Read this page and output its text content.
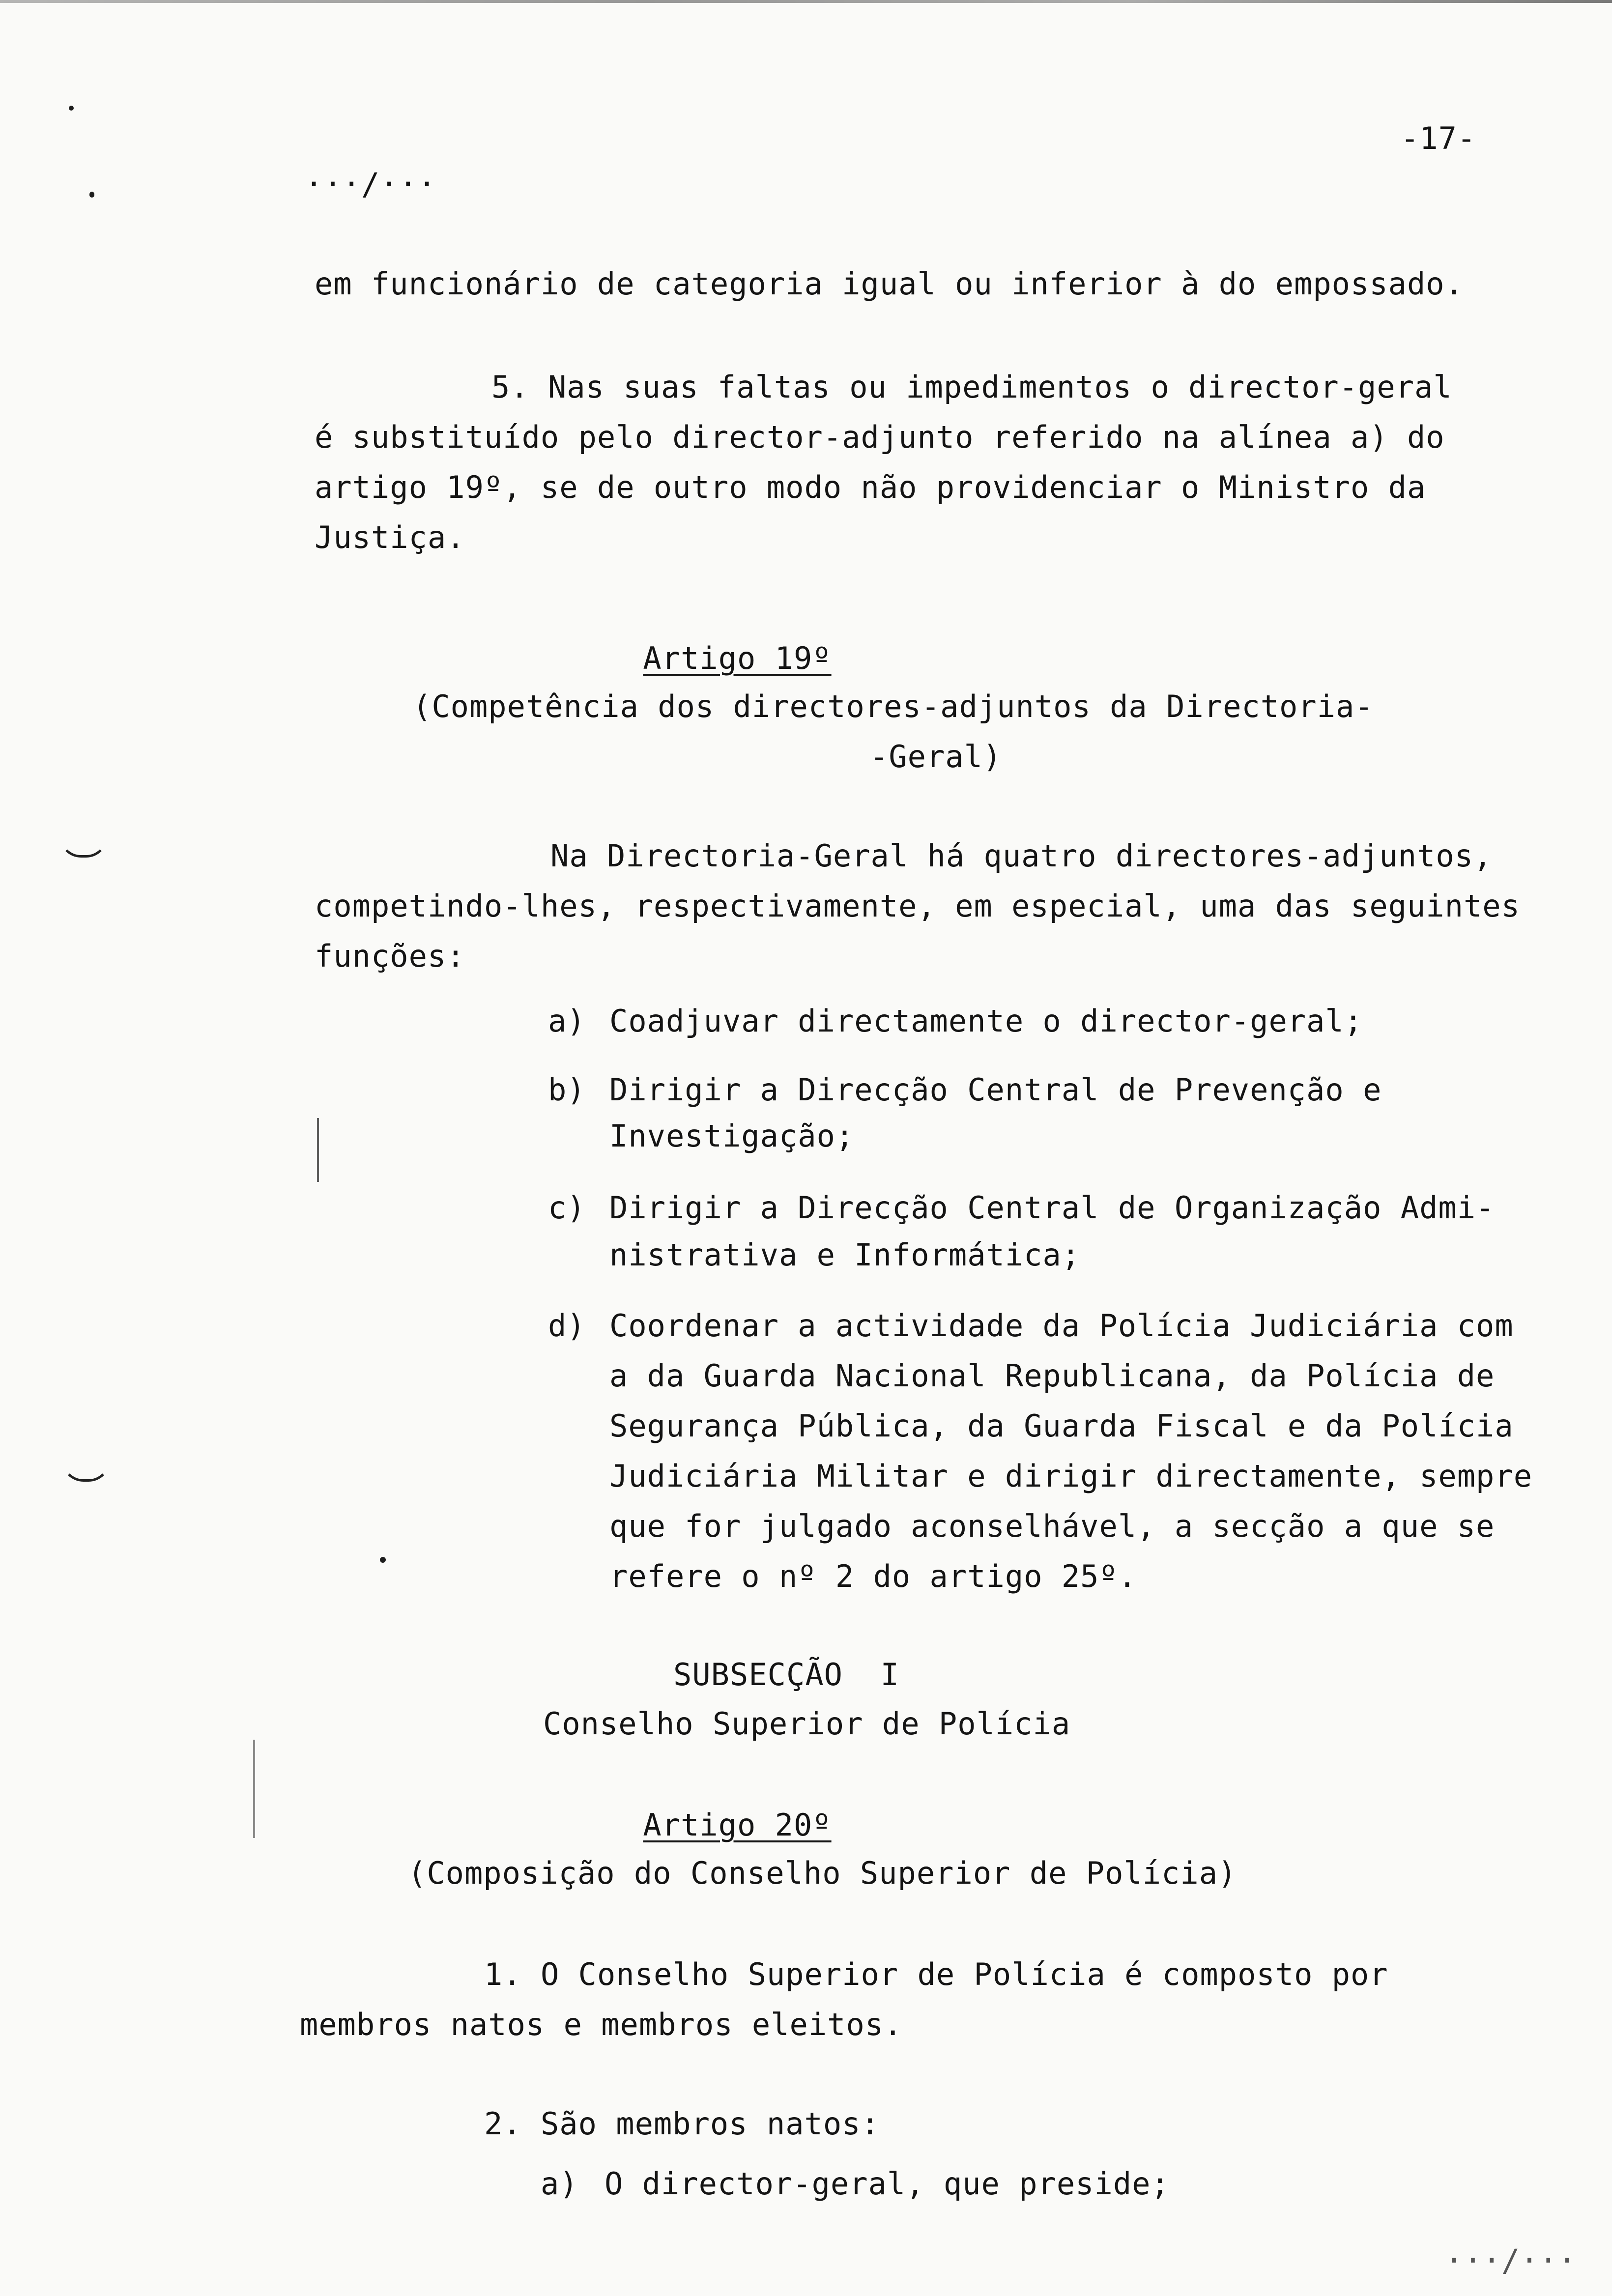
-17-

···/···

em funcionário de categoria igual ou inferior à do empossado.

5. Nas suas faltas ou impedimentos o director-geral

é substituído pelo director-adjunto referido na alínea a) do

artigo 19º, se de outro modo não providenciar o Ministro da

Justiça.

Artigo 19º

(Competência dos directores-adjuntos da Directoria-

-Geral)

Na Directoria-Geral há quatro directores-adjuntos,

competindo-lhes, respectivamente, em especial, uma das seguintes

funções:

a) Coadjuvar directamente o director-geral;

b) Dirigir a Direcção Central de Prevenção e

Investigação;

c) Dirigir a Direcção Central de Organização Admi-

nistrativa e Informática;

d) Coordenar a actividade da Polícia Judiciária com

a da Guarda Nacional Republicana, da Polícia de

Segurança Pública, da Guarda Fiscal e da Polícia

Judiciária Militar e dirigir directamente, sempre

que for julgado aconselhável, a secção a que se

refere o nº 2 do artigo 25º.

SUBSECÇÃO  I

Conselho Superior de Polícia

Artigo 20º

(Composição do Conselho Superior de Polícia)

1. O Conselho Superior de Polícia é composto por

membros natos e membros eleitos.

2. São membros natos:

a) O director-geral, que preside;

···/···
